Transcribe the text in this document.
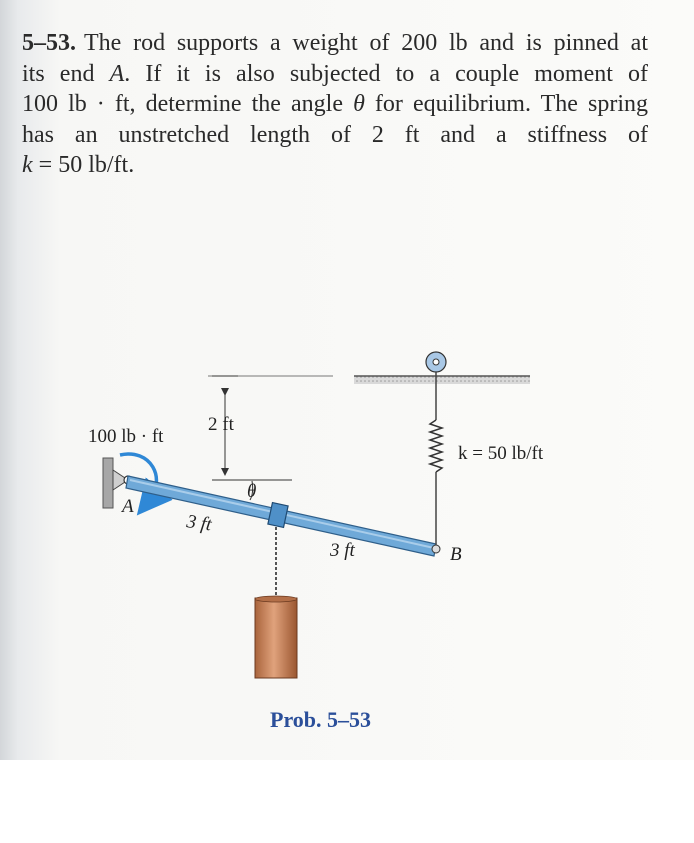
5–53. The rod supports a weight of 200 lb and is pinned at
its end A. If it is also subjected to a couple moment of
100 lb · ft, determine the angle θ for equilibrium. The spring
has an unstretched length of 2 ft and a stiffness of
k = 50 lb/ft.
2 ft
A
100 lb · ft
B
θ
3 ft
3 ft
k = 50 lb/ft
Prob. 5–53
